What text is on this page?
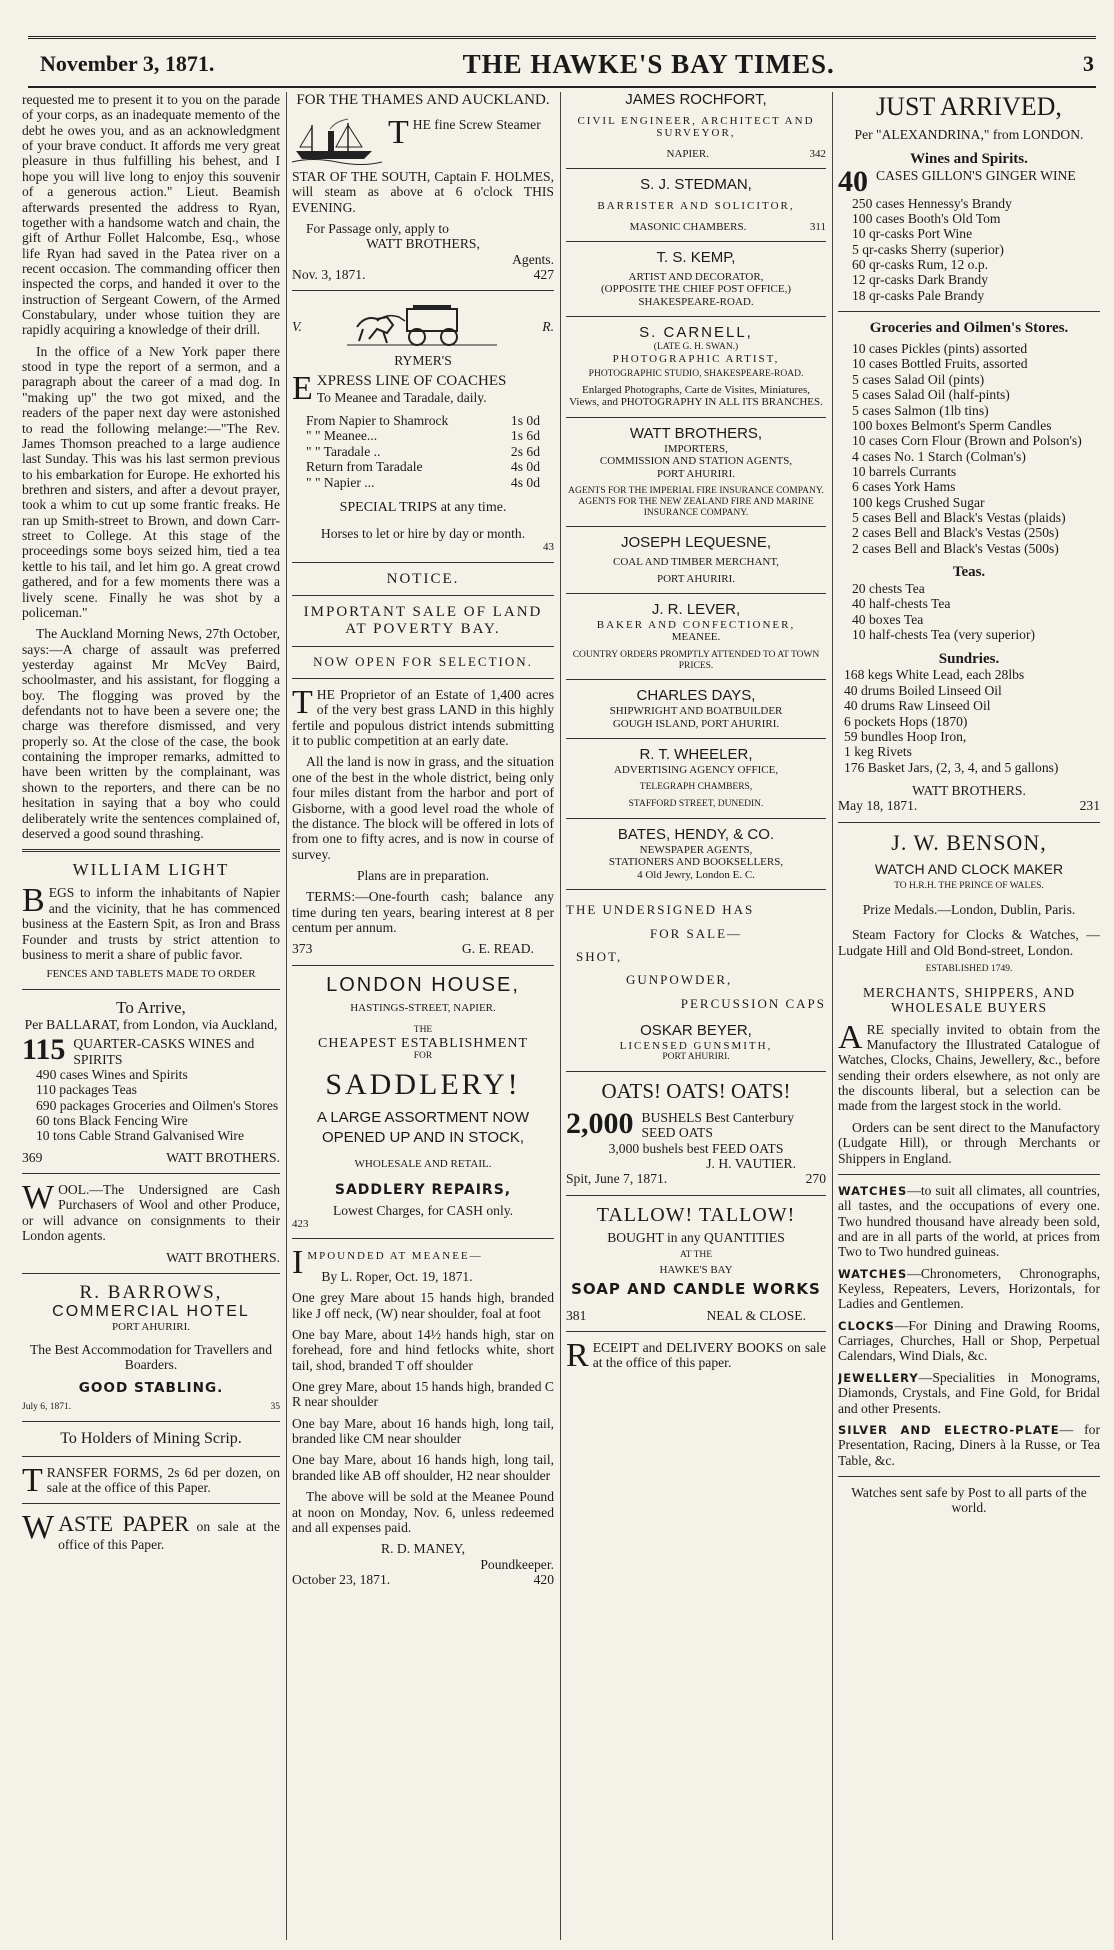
November 3, 1871.	THE HAWKE'S BAY TIMES.	3

requested me to present it to you on the parade of your corps, as an inadequate memento of the debt he owes you, and as an acknowledgment of your brave conduct. It affords me very great pleasure in thus fulfilling his behest, and I hope you will live long to enjoy this souvenir of a generous action." Lieut. Beamish afterwards presented the address to Ryan, together with a handsome watch and chain, the gift of Arthur Follet Halcombe, Esq., whose life Ryan had saved in the Patea river on a recent occasion. The commanding officer then inspected the corps, and handed it over to the instruction of Sergeant Cowern, of the Armed Constabulary, under whose tuition they are rapidly acquiring a knowledge of their drill.

In the office of a New York paper there stood in type the report of a sermon, and a paragraph about the career of a mad dog. In "making up" the two got mixed, and the readers of the paper next day were astonished to read the following melange:—"The Rev. James Thomson preached to a large audience last Sunday. This was his last sermon previous to his embarkation for Europe. He exhorted his brethren and sisters, and after a devout prayer, took a whim to cut up some frantic freaks. He ran up Smith-street to Brown, and down Carr-street to College. At this stage of the proceedings some boys seized him, tied a tea kettle to his tail, and let him go. A great crowd gathered, and for a few moments there was a lively scene. Finally he was shot by a policeman."

The Auckland Morning News, 27th October, says:—A charge of assault was preferred yesterday against Mr McVey Baird, schoolmaster, and his assistant, for flogging a boy. The flogging was proved by the defendants not to have been a severe one; the charge was therefore dismissed, and very properly so. At the close of the case, the book containing the improper remarks, admitted to have been written by the complainant, was shown to the reporters, and there can be no hesitation in saying that a boy who could deliberately write the sentences complained of, deserved a good sound thrashing.

WILLIAM LIGHT

BEGS to inform the inhabitants of Napier and the vicinity, that he has commenced business at the Eastern Spit, as Iron and Brass Founder and trusts by strict attention to business to merit a share of public favor.

FENCES AND TABLETS MADE TO ORDER
To Arrive,
Per BALLARAT, from London, via Auckland,
115 QUARTER-CASKS WINES and SPIRITS
490 cases Wines and Spirits
110 packages Teas
690 packages Groceries and Oilmen's Stores
60 tons Black Fencing Wire
10 tons Cable Strand Galvanised Wire
369	WATT BROTHERS.

WOOL.—The Undersigned are Cash Purchasers of Wool and other Produce, or will advance on consignments to their London agents.

WATT BROTHERS.
R. BARROWS,
COMMERCIAL HOTEL
PORT AHURIRI.
The Best Accommodation for Travellers and Boarders.
GOOD STABLING.
July 6, 1871.	35
To Holders of Mining Scrip.

TRANSFER FORMS, 2s 6d per dozen, on sale at the office of this Paper.

WASTE PAPER on sale at the office of this Paper.

FOR THE THAMES AND AUCKLAND.
T HE fine Screw Steamer

STAR OF THE SOUTH, Captain F. HOLMES, will steam as above at 6 o'clock THIS EVENING.

For Passage only, apply to
WATT BROTHERS,
Agents.
Nov. 3, 1871.	427
V.	R.
RYMER'S
E XPRESS LINE OF COACHES
To Meanee and Taradale, daily.
From Napier to Shamrock	1s 0d
" " Meanee...	1s 6d
" " Taradale ..	2s 6d
Return from Taradale	4s 0d
" " Napier ...	4s 0d
SPECIAL TRIPS at any time.
Horses to let or hire by day or month.
43
NOTICE.
IMPORTANT SALE OF LAND AT POVERTY BAY.
NOW OPEN FOR SELECTION.

THE Proprietor of an Estate of 1,400 acres of the very best grass LAND in this highly fertile and populous district intends submitting it to public competition at an early date.

All the land is now in grass, and the situation one of the best in the whole district, being only four miles distant from the harbor and port of Gisborne, with a good level road the whole of the distance. The block will be offered in lots of from one to fifty acres, and is now in course of survey.

Plans are in preparation.

TERMS:—One-fourth cash; balance any time during ten years, bearing interest at 8 per centum per annum.

373	G. E. READ.
LONDON HOUSE,
HASTINGS-STREET, NAPIER.
THE
CHEAPEST ESTABLISHMENT
FOR
SADDLERY!
A LARGE ASSORTMENT NOW OPENED UP AND IN STOCK,
WHOLESALE AND RETAIL.
SADDLERY REPAIRS,
Lowest Charges, for CASH only.
423
IMPOUNDED AT MEANEE—
By L. Roper, Oct. 19, 1871.

One grey Mare about 15 hands high, branded like J off neck, (W) near shoulder, foal at foot

One bay Mare, about 14½ hands high, star on forehead, fore and hind fetlocks white, short tail, shod, branded T off shoulder

One grey Mare, about 15 hands high, branded C R near shoulder

One bay Mare, about 16 hands high, long tail, branded like CM near shoulder

One bay Mare, about 16 hands high, long tail, branded like AB off shoulder, H2 near shoulder

The above will be sold at the Meanee Pound at noon on Monday, Nov. 6, unless redeemed and all expenses paid.

R. D. MANEY,
Poundkeeper.
October 23, 1871.	420
JAMES ROCHFORT,
CIVIL ENGINEER, ARCHITECT AND SURVEYOR,
NAPIER.	342
S. J. STEDMAN,
BARRISTER AND SOLICITOR,
MASONIC CHAMBERS.	311
T. S. KEMP,
ARTIST AND DECORATOR,
(OPPOSITE THE CHIEF POST OFFICE,)
SHAKESPEARE-ROAD.
S. CARNELL,
(LATE G. H. SWAN.)
PHOTOGRAPHIC ARTIST,
PHOTOGRAPHIC STUDIO, SHAKESPEARE-ROAD.
Enlarged Photographs, Carte de Visites, Miniatures, Views, and PHOTOGRAPHY IN ALL ITS BRANCHES.
WATT BROTHERS,
IMPORTERS,
COMMISSION AND STATION AGENTS,
PORT AHURIRI.
AGENTS FOR THE IMPERIAL FIRE INSURANCE COMPANY.
AGENTS FOR THE NEW ZEALAND FIRE AND MARINE INSURANCE COMPANY.
JOSEPH LEQUESNE,
COAL AND TIMBER MERCHANT,
PORT AHURIRI.
J. R. LEVER,
BAKER AND CONFECTIONER,
MEANEE.
COUNTRY ORDERS PROMPTLY ATTENDED TO AT TOWN PRICES.
CHARLES DAYS,
SHIPWRIGHT AND BOATBUILDER
GOUGH ISLAND, PORT AHURIRI.
R. T. WHEELER,
ADVERTISING AGENCY OFFICE,
TELEGRAPH CHAMBERS,
STAFFORD STREET, DUNEDIN.
BATES, HENDY, & CO.
NEWSPAPER AGENTS,
STATIONERS AND BOOKSELLERS,
4 Old Jewry, London E. C.
THE UNDERSIGNED HAS
FOR SALE—
SHOT,
GUNPOWDER,
PERCUSSION CAPS
OSKAR BEYER,
LICENSED GUNSMITH,
PORT AHURIRI.
OATS! OATS! OATS!
2,000 BUSHELS Best Canterbury SEED OATS
3,000 bushels best FEED OATS
J. H. VAUTIER.
Spit, June 7, 1871.	270
TALLOW! TALLOW!
BOUGHT in any QUANTITIES
AT THE
HAWKE'S BAY
SOAP AND CANDLE WORKS
381	NEAL & CLOSE.

RECEIPT and DELIVERY BOOKS on sale at the office of this paper.

JUST ARRIVED,
Per "ALEXANDRINA," from LONDON.
Wines and Spirits.
40 CASES GILLON'S GINGER WINE
250 cases Hennessy's Brandy
100 cases Booth's Old Tom
10 qr-casks Port Wine
5 qr-casks Sherry (superior)
60 qr-casks Rum, 12 o.p.
12 qr-casks Dark Brandy
18 qr-casks Pale Brandy
Groceries and Oilmen's Stores.
10 cases Pickles (pints) assorted
10 cases Bottled Fruits, assorted
5 cases Salad Oil (pints)
5 cases Salad Oil (half-pints)
5 cases Salmon (1lb tins)
100 boxes Belmont's Sperm Candles
10 cases Corn Flour (Brown and Polson's)
4 cases No. 1 Starch (Colman's)
10 barrels Currants
6 cases York Hams
100 kegs Crushed Sugar
5 cases Bell and Black's Vestas (plaids)
2 cases Bell and Black's Vestas (250s)
2 cases Bell and Black's Vestas (500s)
Teas.
20 chests Tea
40 half-chests Tea
40 boxes Tea
10 half-chests Tea (very superior)
Sundries.
168 kegs White Lead, each 28lbs
40 drums Boiled Linseed Oil
40 drums Raw Linseed Oil
6 pockets Hops (1870)
59 bundles Hoop Iron,
1 keg Rivets
176 Basket Jars, (2, 3, 4, and 5 gallons)
WATT BROTHERS.
May 18, 1871.	231
J. W. BENSON,
WATCH AND CLOCK MAKER
TO H.R.H. THE PRINCE OF WALES.
Prize Medals.—London, Dublin, Paris.

Steam Factory for Clocks & Watches, —Ludgate Hill and Old Bond-street, London.

ESTABLISHED 1749.
MERCHANTS, SHIPPERS, AND WHOLESALE BUYERS

ARE specially invited to obtain from the Manufactory the Illustrated Catalogue of Watches, Clocks, Chains, Jewellery, &c., before sending their orders elsewhere, as not only are the discounts liberal, but a selection can be made from the largest stock in the world.

Orders can be sent direct to the Manufactory (Ludgate Hill), or through Merchants or Shippers in England.

WATCHES—to suit all climates, all countries, all tastes, and the occupations of every one. Two hundred thousand have already been sold, and are in all parts of the world, at prices from Two to Two hundred guineas.

WATCHES—Chronometers, Chronographs, Keyless, Repeaters, Levers, Horizontals, for Ladies and Gentlemen.

CLOCKS—For Dining and Drawing Rooms, Carriages, Churches, Hall or Shop, Perpetual Calendars, Wind Dials, &c.

JEWELLERY—Specialities in Monograms, Diamonds, Crystals, and Fine Gold, for Bridal and other Presents.

SILVER AND ELECTRO-PLATE— for Presentation, Racing, Diners à la Russe, or Tea Table, &c.

Watches sent safe by Post to all parts of the world.
